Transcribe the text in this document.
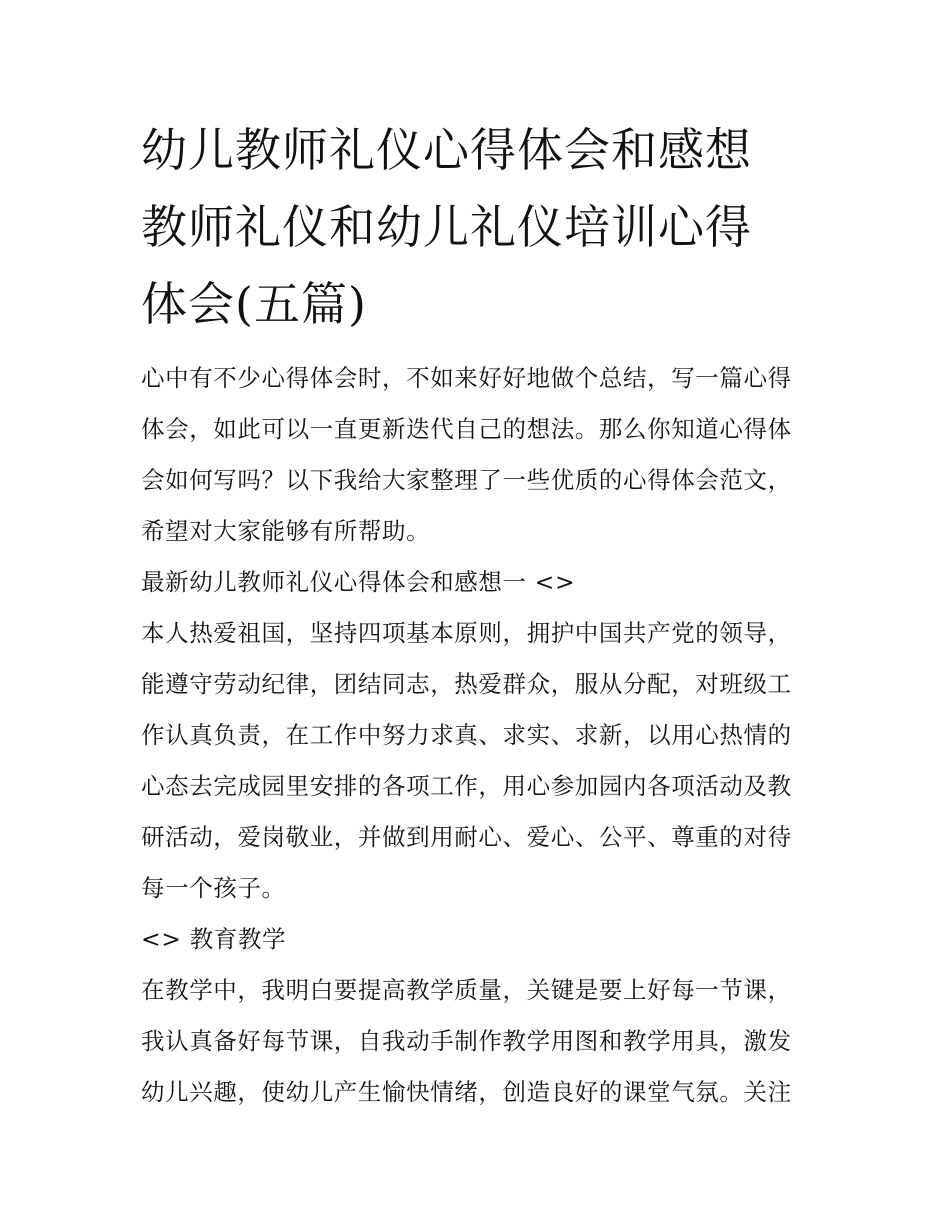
幼儿教师礼仪心得体会和感想
教师礼仪和幼儿礼仪培训心得
体会(五篇)

心中有不少心得体会时，不如来好好地做个总结，写一篇心得

体会，如此可以一直更新迭代自己的想法。那么你知道心得体

会如何写吗？以下我给大家整理了一些优质的心得体会范文，

希望对大家能够有所帮助。

最新幼儿教师礼仪心得体会和感想一 <>

本人热爱祖国，坚持四项基本原则，拥护中国共产党的领导，

能遵守劳动纪律，团结同志，热爱群众，服从分配，对班级工

作认真负责，在工作中努力求真、求实、求新，以用心热情的

心态去完成园里安排的各项工作，用心参加园内各项活动及教

研活动，爱岗敬业，并做到用耐心、爱心、公平、尊重的对待

每一个孩子。

<> 教育教学

在教学中，我明白要提高教学质量，关键是要上好每一节课，

我认真备好每节课，自我动手制作教学用图和教学用具，激发

幼儿兴趣，使幼儿产生愉快情绪，创造良好的课堂气氛。关注
